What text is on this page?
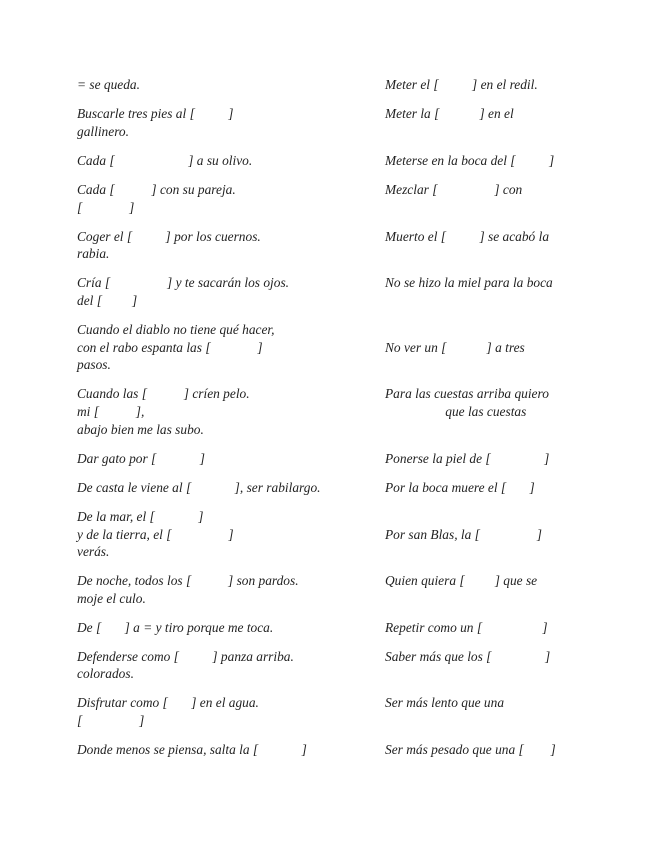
= se queda.
Buscarle tres pies al [          ]
gallinero.
Cada [                      ] a su olivo.
Cada [           ] con su pareja.
[              ]
Coger el [          ] por los cuernos.
rabia.
Cría [                 ] y te sacarán los ojos.
del [         ]
Cuando el diablo no tiene qué hacer,
con el rabo espanta las [              ]
pasos.
Cuando las [           ] críen pelo.
mi [           ],
abajo bien me las subo.
Dar gato por [             ]
De casta le viene al [             ], ser rabilargo.
De la mar, el [             ]
y de la tierra, el [                 ]
verás.
De noche, todos los [           ] son pardos.
moje el culo.
De [       ] a = y tiro porque me toca.
Defenderse como [          ] panza arriba.
colorados.
Disfrutar como [       ] en el agua.
[                 ]
Donde menos se piensa, salta la [             ]
Meter el [          ] en el redil.
Meter la [            ] en el
Meterse en la boca del [          ]
Mezclar [                 ] con
Muerto el [          ] se acabó la
No se hizo la miel para la boca
No ver un [            ] a tres
Para las cuestas arriba quiero
que las cuestas
Ponerse la piel de [                ]
Por la boca muere el [       ]
Por san Blas, la [                 ]
Quien quiera [         ] que se
Repetir como un [                  ]
Saber más que los [                ]
Ser más lento que una
Ser más pesado que una [        ]
